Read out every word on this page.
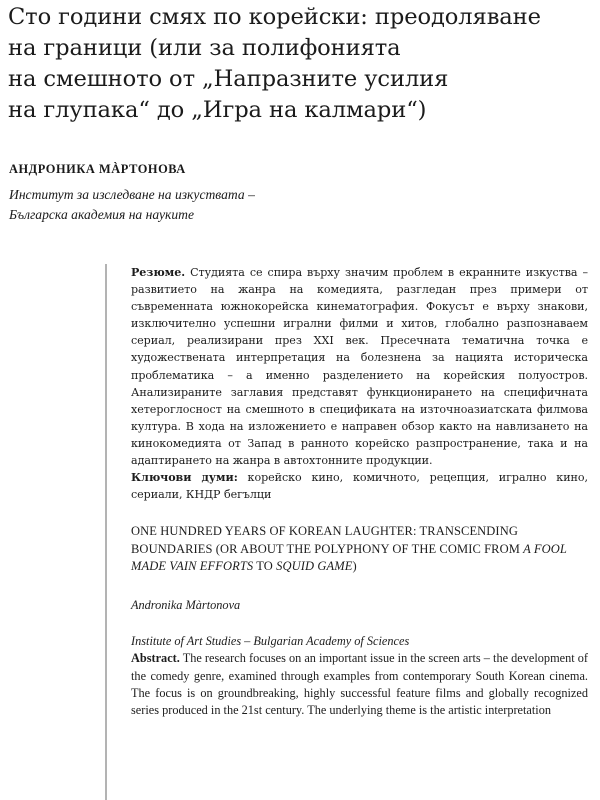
Сто години смях по корейски: преодоляване
на граници (или за полифонията
на смешното от „Напразните усилия
на глупака“ до „Игра на калмари“)
АНДРОНИКА МÀРТОНОВА
Институт за изследване на изкуствата –
Българска академия на науките

Резюме. Студията се спира върху значим проблем в екранните изкуства – развитието на жанра на комедията, разгледан през примери от съвременната южнокорейска кинематография. Фокусът е върху знакови, изключително успешни игрални филми и хитов, глобално разпознаваем сериал, реализирани през XXI век. Пресечната тематична точка е художествената интерпретация на болезнена за нацията историческа проблематика – а именно разделението на корейския полуостров. Анализираните заглавия представят функционирането на специфичната хетероглосност на смешното в спецификата на източноазиатската филмова култура. В хода на изложението е направен обзор както на навлизането на кинокомедията от Запад в ранното корейско разпространение, така и на адаптирането на жанра в автохтонните продукции.

Ключови думи: корейско кино, комичното, рецепция, игрално кино, сериали, КНДР бегълци

ONE HUNDRED YEARS OF KOREAN LAUGHTER: TRANSCENDING BOUNDARIES (OR ABOUT THE POLYPHONY OF THE COMIC FROM A FOOL MADE VAIN EFFORTS TO SQUID GAME)

Andronika Màrtonova

Institute of Art Studies – Bulgarian Academy of Sciences

Abstract. The research focuses on an important issue in the screen arts – the development of the comedy genre, examined through examples from contemporary South Korean cinema. The focus is on groundbreaking, highly successful feature films and globally recognized series produced in the 21st century. The underlying theme is the artistic interpretation
